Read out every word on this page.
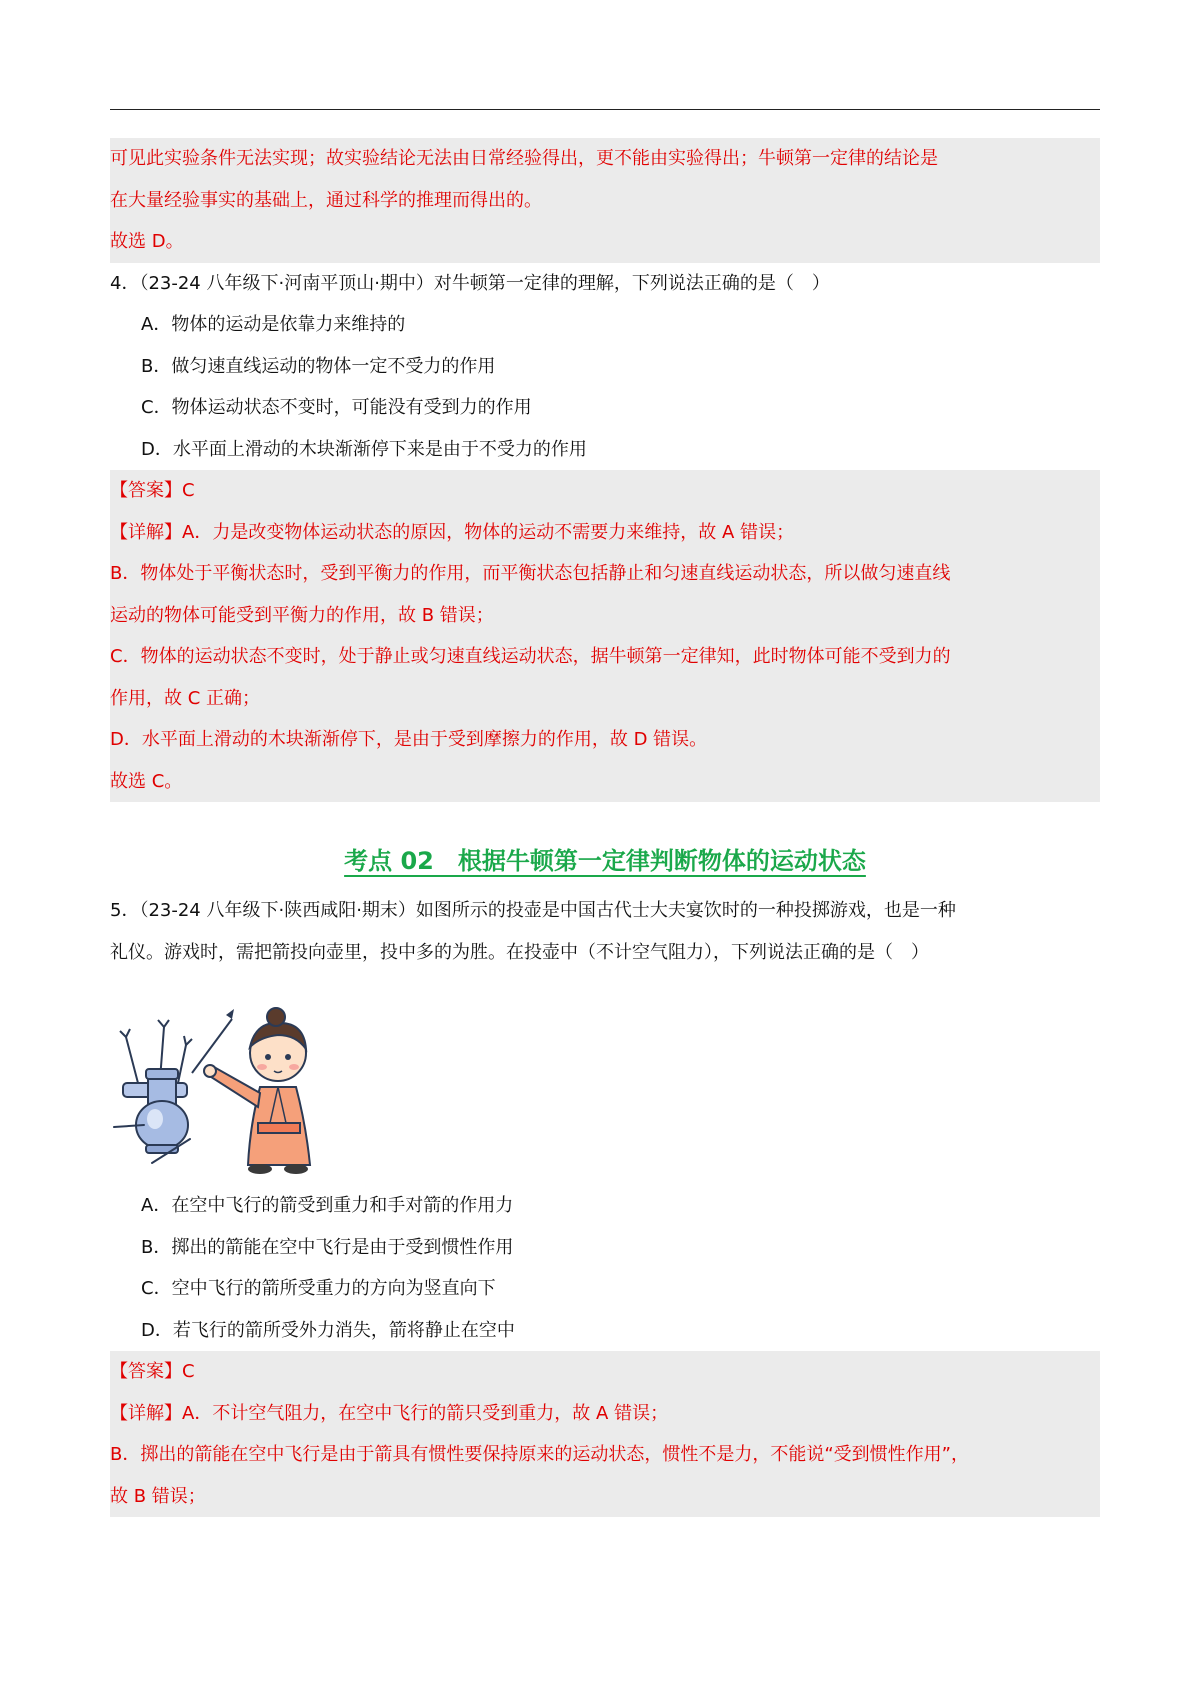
可见此实验条件无法实现；故实验结论无法由日常经验得出，更不能由实验得出；牛顿第一定律的结论是
在大量经验事实的基础上，通过科学的推理而得出的。
故选 D。
4．（23-24 八年级下·河南平顶山·期中）对牛顿第一定律的理解，下列说法正确的是（　）
A．物体的运动是依靠力来维持的
B．做匀速直线运动的物体一定不受力的作用
C．物体运动状态不变时，可能没有受到力的作用
D．水平面上滑动的木块渐渐停下来是由于不受力的作用
【答案】C
【详解】A．力是改变物体运动状态的原因，物体的运动不需要力来维持，故 A 错误；
B．物体处于平衡状态时，受到平衡力的作用，而平衡状态包括静止和匀速直线运动状态，所以做匀速直线
运动的物体可能受到平衡力的作用，故 B 错误；
C．物体的运动状态不变时，处于静止或匀速直线运动状态，据牛顿第一定律知，此时物体可能不受到力的
作用，故 C 正确；
D．水平面上滑动的木块渐渐停下，是由于受到摩擦力的作用，故 D 错误。
故选 C。
考点 02　根据牛顿第一定律判断物体的运动状态
5．（23-24 八年级下·陕西咸阳·期末）如图所示的投壶是中国古代士大夫宴饮时的一种投掷游戏，也是一种
礼仪。游戏时，需把箭投向壶里，投中多的为胜。在投壶中（不计空气阻力），下列说法正确的是（　）
A．在空中飞行的箭受到重力和手对箭的作用力
B．掷出的箭能在空中飞行是由于受到惯性作用
C．空中飞行的箭所受重力的方向为竖直向下
D．若飞行的箭所受外力消失，箭将静止在空中
【答案】C
【详解】A．不计空气阻力，在空中飞行的箭只受到重力，故 A 错误；
B．掷出的箭能在空中飞行是由于箭具有惯性要保持原来的运动状态，惯性不是力，不能说“受到惯性作用”，
故 B 错误；
